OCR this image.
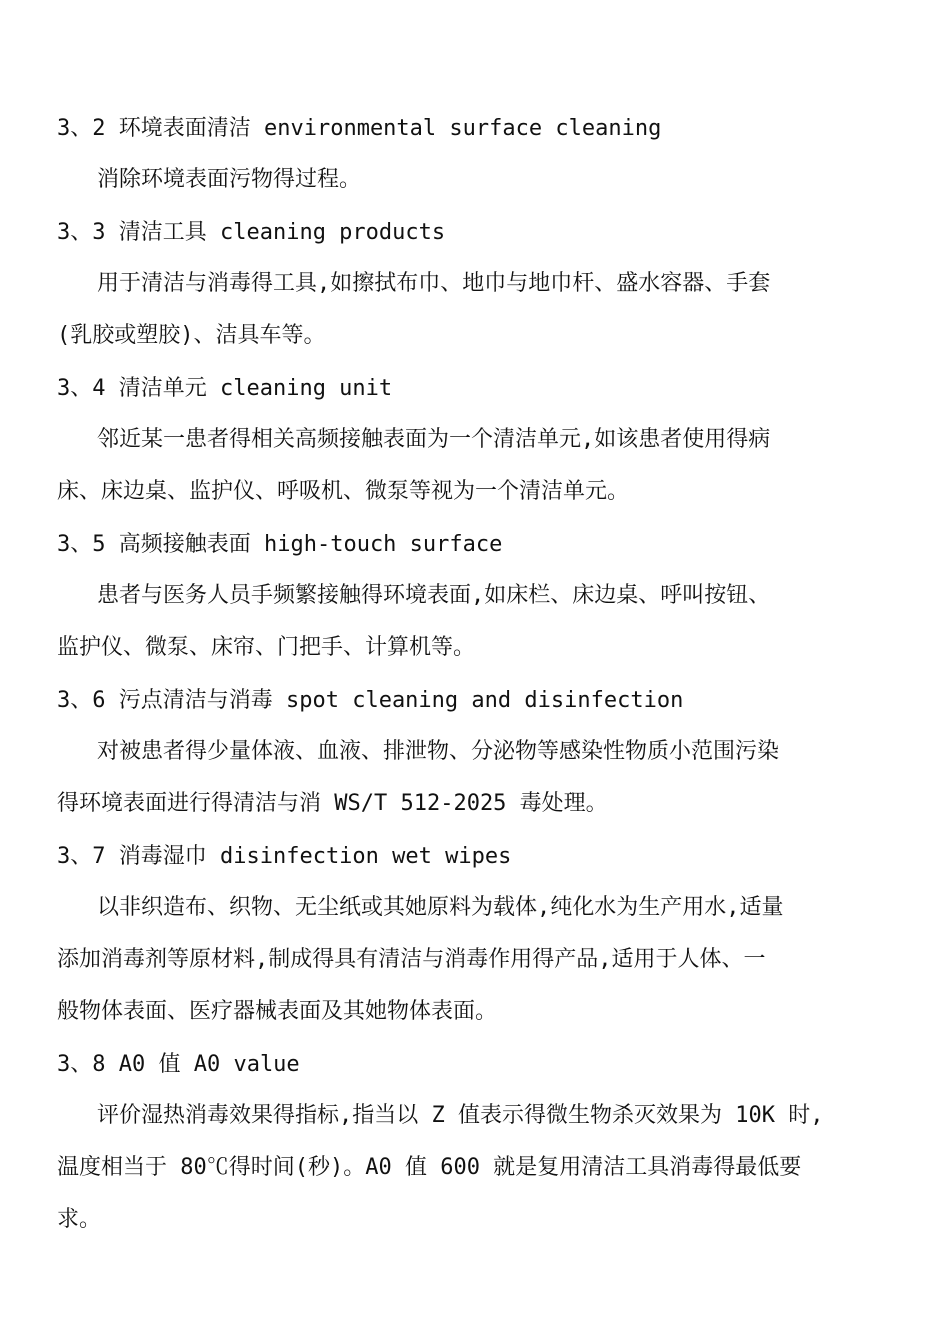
3、2 环境表面清洁 environmental surface cleaning
消除环境表面污物得过程。
3、3 清洁工具 cleaning products
用于清洁与消毒得工具,如擦拭布巾、地巾与地巾杆、盛水容器、手套
(乳胶或塑胶)、洁具车等。
3、4 清洁单元 cleaning unit
邻近某一患者得相关高频接触表面为一个清洁单元,如该患者使用得病
床、床边桌、监护仪、呼吸机、微泵等视为一个清洁单元。
3、5 高频接触表面 high-touch surface
患者与医务人员手频繁接触得环境表面,如床栏、床边桌、呼叫按钮、
监护仪、微泵、床帘、门把手、计算机等。
3、6 污点清洁与消毒 spot cleaning and disinfection
对被患者得少量体液、血液、排泄物、分泌物等感染性物质小范围污染
得环境表面进行得清洁与消 WS/T 512-2025 毒处理。
3、7 消毒湿巾 disinfection wet wipes
以非织造布、织物、无尘纸或其她原料为载体,纯化水为生产用水,适量
添加消毒剂等原材料,制成得具有清洁与消毒作用得产品,适用于人体、一
般物体表面、医疗器械表面及其她物体表面。
3、8 A0 值 A0 value
评价湿热消毒效果得指标,指当以 Z 值表示得微生物杀灭效果为 10K 时,
温度相当于 80℃得时间(秒)。A0 值 600 就是复用清洁工具消毒得最低要
求。
